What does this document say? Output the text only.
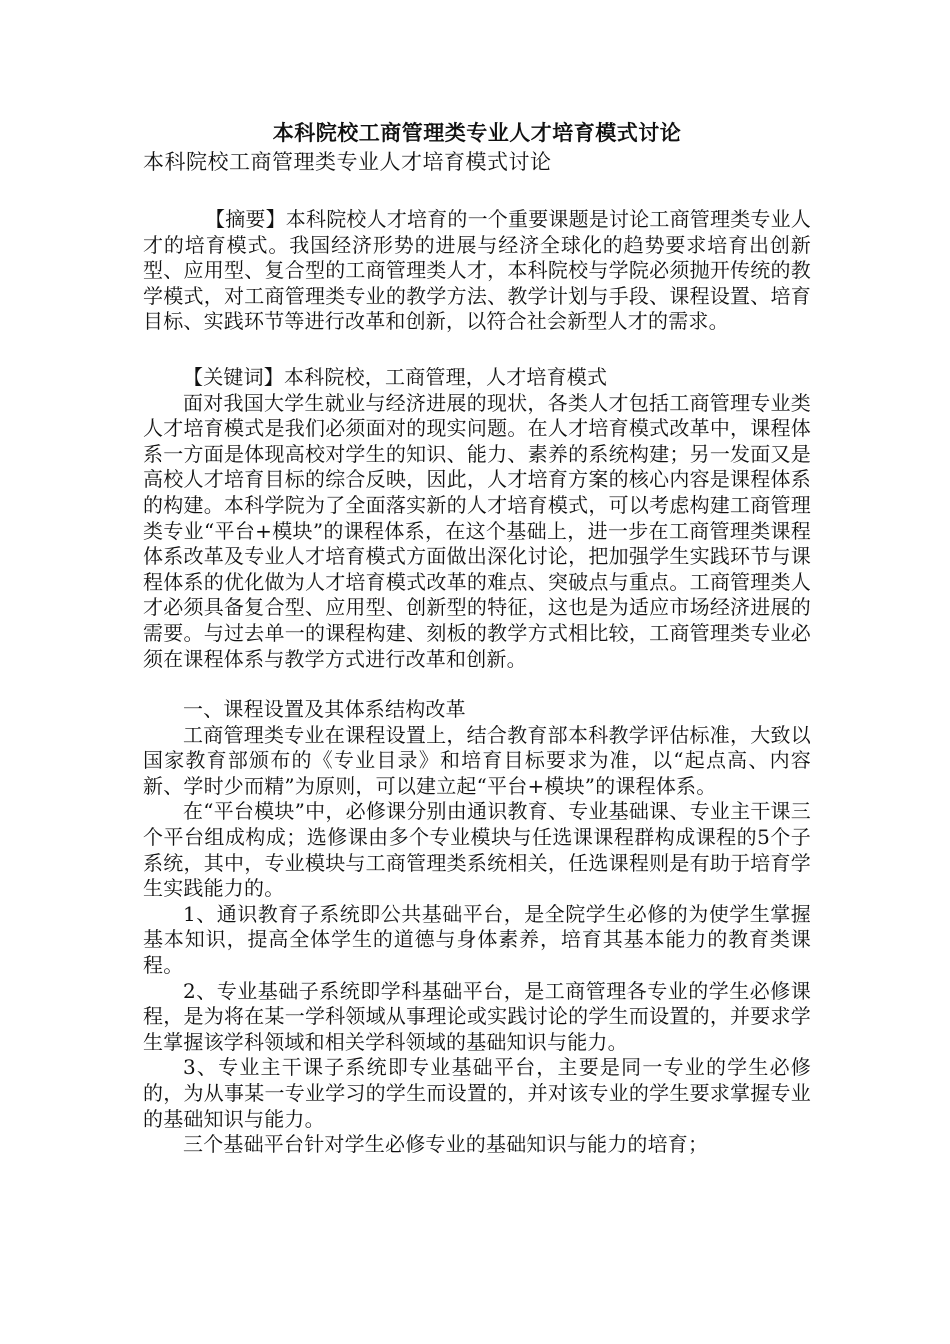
本科院校工商管理类专业人才培育模式讨论
本科院校工商管理类专业人才培育模式讨论

【摘要】本科院校人才培育的一个重要课题是讨论工商管理类专业人才的培育模式。我国经济形势的进展与经济全球化的趋势要求培育出创新型、应用型、复合型的工商管理类人才，本科院校与学院必须抛开传统的教学模式，对工商管理类专业的教学方法、教学计划与手段、课程设置、培育目标、实践环节等进行改革和创新，以符合社会新型人才的需求。

【关键词】本科院校，工商管理，人才培育模式

面对我国大学生就业与经济进展的现状，各类人才包括工商管理专业类人才培育模式是我们必须面对的现实问题。在人才培育模式改革中，课程体系一方面是体现高校对学生的知识、能力、素养的系统构建；另一发面又是高校人才培育目标的综合反映，因此，人才培育方案的核心内容是课程体系的构建。本科学院为了全面落实新的人才培育模式，可以考虑构建工商管理类专业“平台+模块”的课程体系，在这个基础上，进一步在工商管理类课程体系改革及专业人才培育模式方面做出深化讨论，把加强学生实践环节与课程体系的优化做为人才培育模式改革的难点、突破点与重点。工商管理类人才必须具备复合型、应用型、创新型的特征，这也是为适应市场经济进展的需要。与过去单一的课程构建、刻板的教学方式相比较，工商管理类专业必须在课程体系与教学方式进行改革和创新。

一、课程设置及其体系结构改革

工商管理类专业在课程设置上，结合教育部本科教学评估标准，大致以国家教育部颁布的《专业目录》和培育目标要求为准，以“起点高、内容新、学时少而精”为原则，可以建立起“平台+模块”的课程体系。

在“平台模块”中，必修课分别由通识教育、专业基础课、专业主干课三个平台组成构成；选修课由多个专业模块与任选课课程群构成课程的5个子系统，其中，专业模块与工商管理类系统相关，任选课程则是有助于培育学生实践能力的。

1、通识教育子系统即公共基础平台，是全院学生必修的为使学生掌握基本知识，提高全体学生的道德与身体素养，培育其基本能力的教育类课程。

2、专业基础子系统即学科基础平台，是工商管理各专业的学生必修课程，是为将在某一学科领域从事理论或实践讨论的学生而设置的，并要求学生掌握该学科领域和相关学科领域的基础知识与能力。

3、专业主干课子系统即专业基础平台，主要是同一专业的学生必修的，为从事某一专业学习的学生而设置的，并对该专业的学生要求掌握专业的基础知识与能力。

三个基础平台针对学生必修专业的基础知识与能力的培育；
